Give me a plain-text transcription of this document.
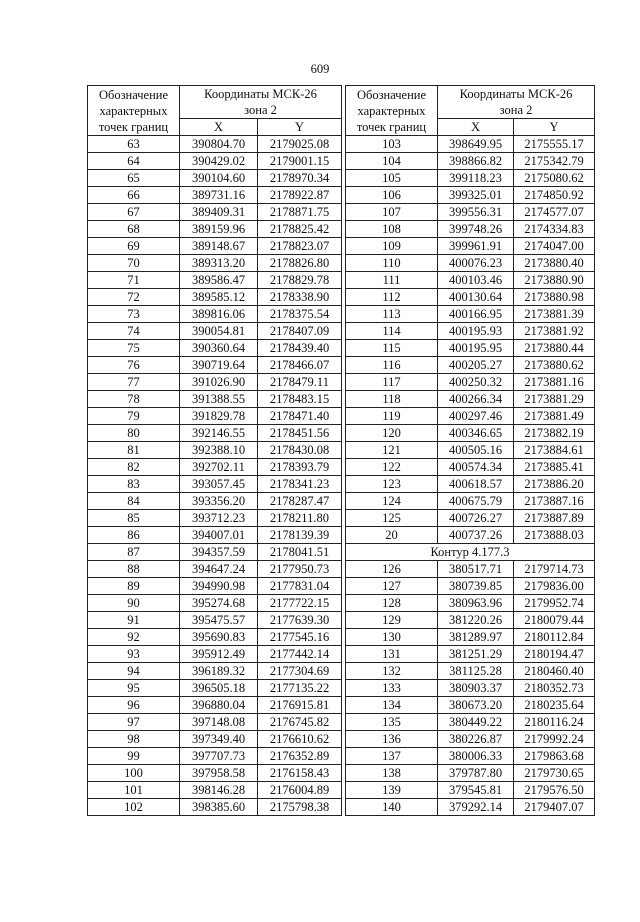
609
Обозначение
характерных
точек границ	Координаты МСК-26
зона 2	
	X	Y
63	390804.70	2179025.08
64	390429.02	2179001.15
65	390104.60	2178970.34
66	389731.16	2178922.87
67	389409.31	2178871.75
68	389159.96	2178825.42
69	389148.67	2178823.07
70	389313.20	2178826.80
71	389586.47	2178829.78
72	389585.12	2178338.90
73	389816.06	2178375.54
74	390054.81	2178407.09
75	390360.64	2178439.40
76	390719.64	2178466.07
77	391026.90	2178479.11
78	391388.55	2178483.15
79	391829.78	2178471.40
80	392146.55	2178451.56
81	392388.10	2178430.08
82	392702.11	2178393.79
83	393057.45	2178341.23
84	393356.20	2178287.47
85	393712.23	2178211.80
86	394007.01	2178139.39
87	394357.59	2178041.51
88	394647.24	2177950.73
89	394990.98	2177831.04
90	395274.68	2177722.15
91	395475.57	2177639.30
92	395690.83	2177545.16
93	395912.49	2177442.14
94	396189.32	2177304.69
95	396505.18	2177135.22
96	396880.04	2176915.81
97	397148.08	2176745.82
98	397349.40	2176610.62
99	397707.73	2176352.89
100	397958.58	2176158.43
101	398146.28	2176004.89
102	398385.60	2175798.38
Обозначение
характерных
точек границ	Координаты МСК-26
зона 2	
	X	Y
103	398649.95	2175555.17
104	398866.82	2175342.79
105	399118.23	2175080.62
106	399325.01	2174850.92
107	399556.31	2174577.07
108	399748.26	2174334.83
109	399961.91	2174047.00
110	400076.23	2173880.40
111	400103.46	2173880.90
112	400130.64	2173880.98
113	400166.95	2173881.39
114	400195.93	2173881.92
115	400195.95	2173880.44
116	400205.27	2173880.62
117	400250.32	2173881.16
118	400266.34	2173881.29
119	400297.46	2173881.49
120	400346.65	2173882.19
121	400505.16	2173884.61
122	400574.34	2173885.41
123	400618.57	2173886.20
124	400675.79	2173887.16
125	400726.27	2173887.89
20	400737.26	2173888.03
Контур 4.177.3		
126	380517.71	2179714.73
127	380739.85	2179836.00
128	380963.96	2179952.74
129	381220.26	2180079.44
130	381289.97	2180112.84
131	381251.29	2180194.47
132	381125.28	2180460.40
133	380903.37	2180352.73
134	380673.20	2180235.64
135	380449.22	2180116.24
136	380226.87	2179992.24
137	380006.33	2179863.68
138	379787.80	2179730.65
139	379545.81	2179576.50
140	379292.14	2179407.07
